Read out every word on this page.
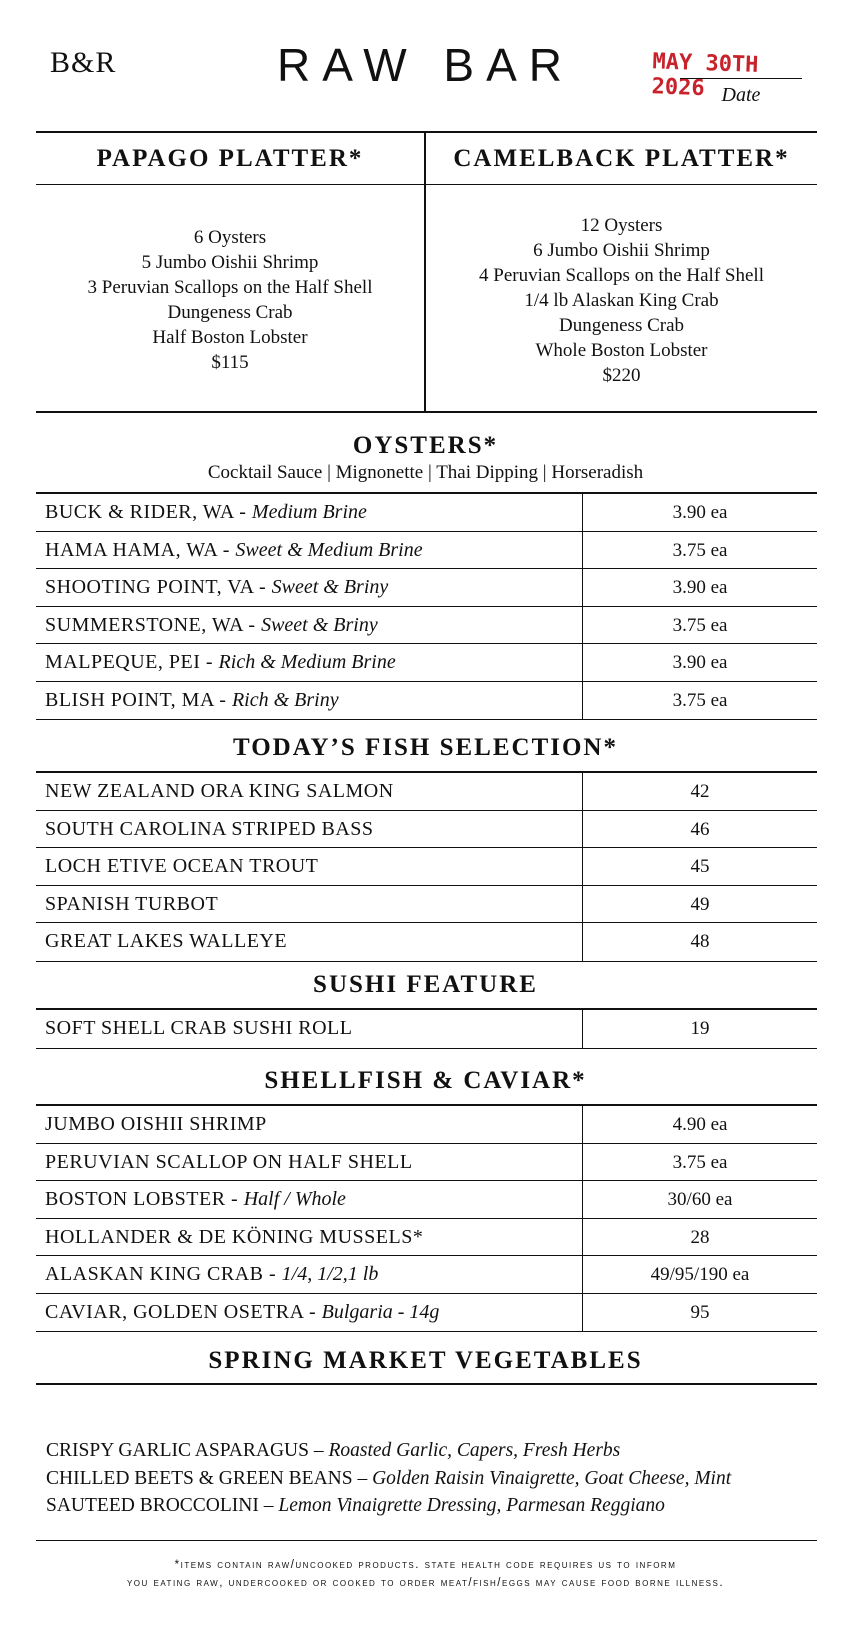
B&R	RAW BAR	MAY 30TH 2026 Date
PAPAGO PLATTER*
6 Oysters
5 Jumbo Oishii Shrimp
3 Peruvian Scallops on the Half Shell
Dungeness Crab
Half Boston Lobster
$115
CAMELBACK PLATTER*
12 Oysters
6 Jumbo Oishii Shrimp
4 Peruvian Scallops on the Half Shell
1/4 lb Alaskan King Crab
Dungeness Crab
Whole Boston Lobster
$220
OYSTERS*
Cocktail Sauce | Mignonette | Thai Dipping | Horseradish
BUCK & RIDER, WA - Medium Brine	3.90 ea
HAMA HAMA, WA - Sweet & Medium Brine	3.75 ea
SHOOTING POINT, VA - Sweet & Briny	3.90 ea
SUMMERSTONE, WA - Sweet & Briny	3.75 ea
MALPEQUE, PEI - Rich & Medium Brine	3.90 ea
BLISH POINT, MA - Rich & Briny	3.75 ea
TODAY’S FISH SELECTION*
NEW ZEALAND ORA KING SALMON	42
SOUTH CAROLINA STRIPED BASS	46
LOCH ETIVE OCEAN TROUT	45
SPANISH TURBOT	49
GREAT LAKES WALLEYE	48
SUSHI FEATURE
SOFT SHELL CRAB SUSHI ROLL	19
SHELLFISH & CAVIAR*
JUMBO OISHII SHRIMP	4.90 ea
PERUVIAN SCALLOP ON HALF SHELL	3.75 ea
BOSTON LOBSTER - Half / Whole	30/60 ea
HOLLANDER & DE KÖNING MUSSELS*	28
ALASKAN KING CRAB - 1/4, 1/2,1 lb	49/95/190 ea
CAVIAR, GOLDEN OSETRA - Bulgaria - 14g	95
SPRING MARKET VEGETABLES
CRISPY GARLIC ASPARAGUS – Roasted Garlic, Capers, Fresh Herbs
CHILLED BEETS & GREEN BEANS – Golden Raisin Vinaigrette, Goat Cheese, Mint
SAUTEED BROCCOLINI – Lemon Vinaigrette Dressing, Parmesan Reggiano
*items contain raw/uncooked products. state health code requires us to inform
you eating raw, undercooked or cooked to order meat/fish/eggs may cause food borne illness.
